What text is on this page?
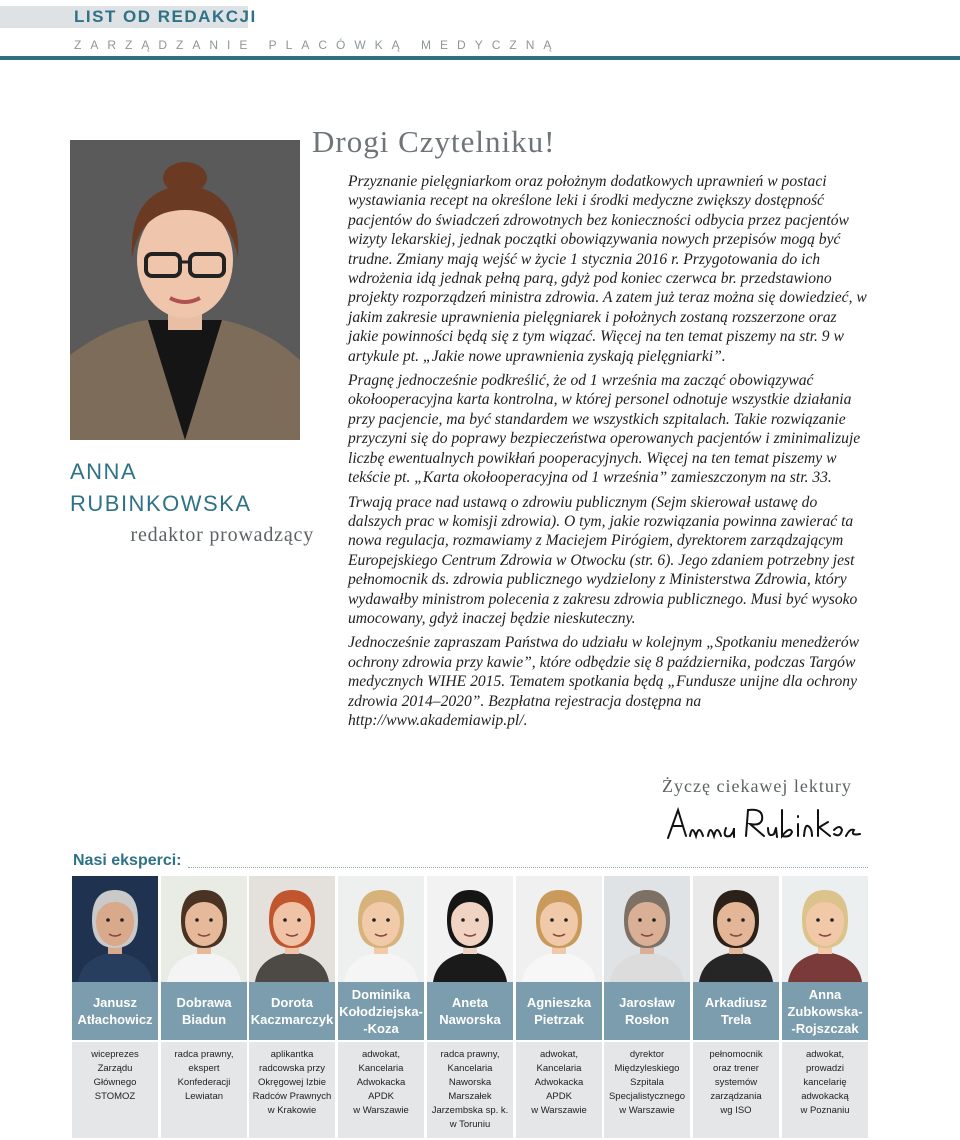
LIST OD REDAKCJI
ZARZĄDZANIE PLACÓWKĄ MEDYCZNĄ
ANNA
RUBINKOWSKA
redaktor prowadzący
Drogi Czytelniku!

Przyznanie pielęgniarkom oraz położnym dodatkowych uprawnień w postaci wystawiania recept na określone leki i środki medyczne zwiększy dostępność pacjentów do świadczeń zdrowotnych bez konieczności odbycia przez pacjentów wizyty lekarskiej, jednak początki obowiązywania nowych przepisów mogą być trudne. Zmiany mają wejść w życie 1 stycznia 2016 r. Przygotowania do ich wdrożenia idą jednak pełną parą, gdyż pod koniec czerwca br. przedstawiono projekty rozporządzeń ministra zdrowia. A zatem już teraz można się dowiedzieć, w jakim zakresie uprawnienia pielęgniarek i położnych zostaną rozszerzone oraz jakie powinności będą się z tym wiązać. Więcej na ten temat piszemy na str. 9 w artykule pt. „Jakie nowe uprawnienia zyskają pielęgniarki”.

Pragnę jednocześnie podkreślić, że od 1 września ma zacząć obowiązywać okołooperacyjna karta kontrolna, w której personel odnotuje wszystkie działania przy pacjencie, ma być standardem we wszystkich szpitalach. Takie rozwiązanie przyczyni się do poprawy bezpieczeństwa operowanych pacjentów i zminimalizuje liczbę ewentualnych powikłań pooperacyjnych. Więcej na ten temat piszemy w tekście pt. „Karta okołooperacyjna od 1 września” zamieszczonym na str. 33.

Trwają prace nad ustawą o zdrowiu publicznym (Sejm skierował ustawę do dalszych prac w komisji zdrowia). O tym, jakie rozwiązania powinna zawierać ta nowa regulacja, rozmawiamy z Maciejem Pirógiem, dyrektorem zarządzającym Europejskiego Centrum Zdrowia w Otwocku (str. 6). Jego zdaniem potrzebny jest pełnomocnik ds. zdrowia publicznego wydzielony z Ministerstwa Zdrowia, który wydawałby ministrom polecenia z zakresu zdrowia publicznego. Musi być wysoko umocowany, gdyż inaczej będzie nieskuteczny.

Jednocześnie zapraszam Państwa do udziału w kolejnym „Spotkaniu menedżerów ochrony zdrowia przy kawie”, które odbędzie się 8 października, podczas Targów medycznych WIHE 2015. Tematem spotkania będą „Fundusze unijne dla ochrony zdrowia 2014–2020”. Bezpłatna rejestracja dostępna na http://www.akademiawip.pl/.

Życzę ciekawej lektury
Nasi eksperci:
Janusz
Atłachowicz
wiceprezes
Zarządu
Głównego
STOMOZ
Dobrawa
Biadun
radca prawny,
ekspert
Konfederacji
Lewiatan
Dorota
Kaczmarczyk
aplikantka
radcowska przy
Okręgowej Izbie
Radców Prawnych
w Krakowie
Dominika
Kołodziejska-
-Koza
adwokat,
Kancelaria
Adwokacka
APDK
w Warszawie
Aneta
Naworska
radca prawny,
Kancelaria
Naworska
Marszałek
Jarzembska sp. k.
w Toruniu
Agnieszka
Pietrzak
adwokat,
Kancelaria
Adwokacka
APDK
w Warszawie
Jarosław
Rosłon
dyrektor
Międzyleskiego
Szpitala
Specjalistycznego
w Warszawie
Arkadiusz
Trela
pełnomocnik
oraz trener
systemów
zarządzania
wg ISO
Anna
Zubkowska-
-Rojszczak
adwokat,
prowadzi
kancelarię
adwokacką
w Poznaniu
